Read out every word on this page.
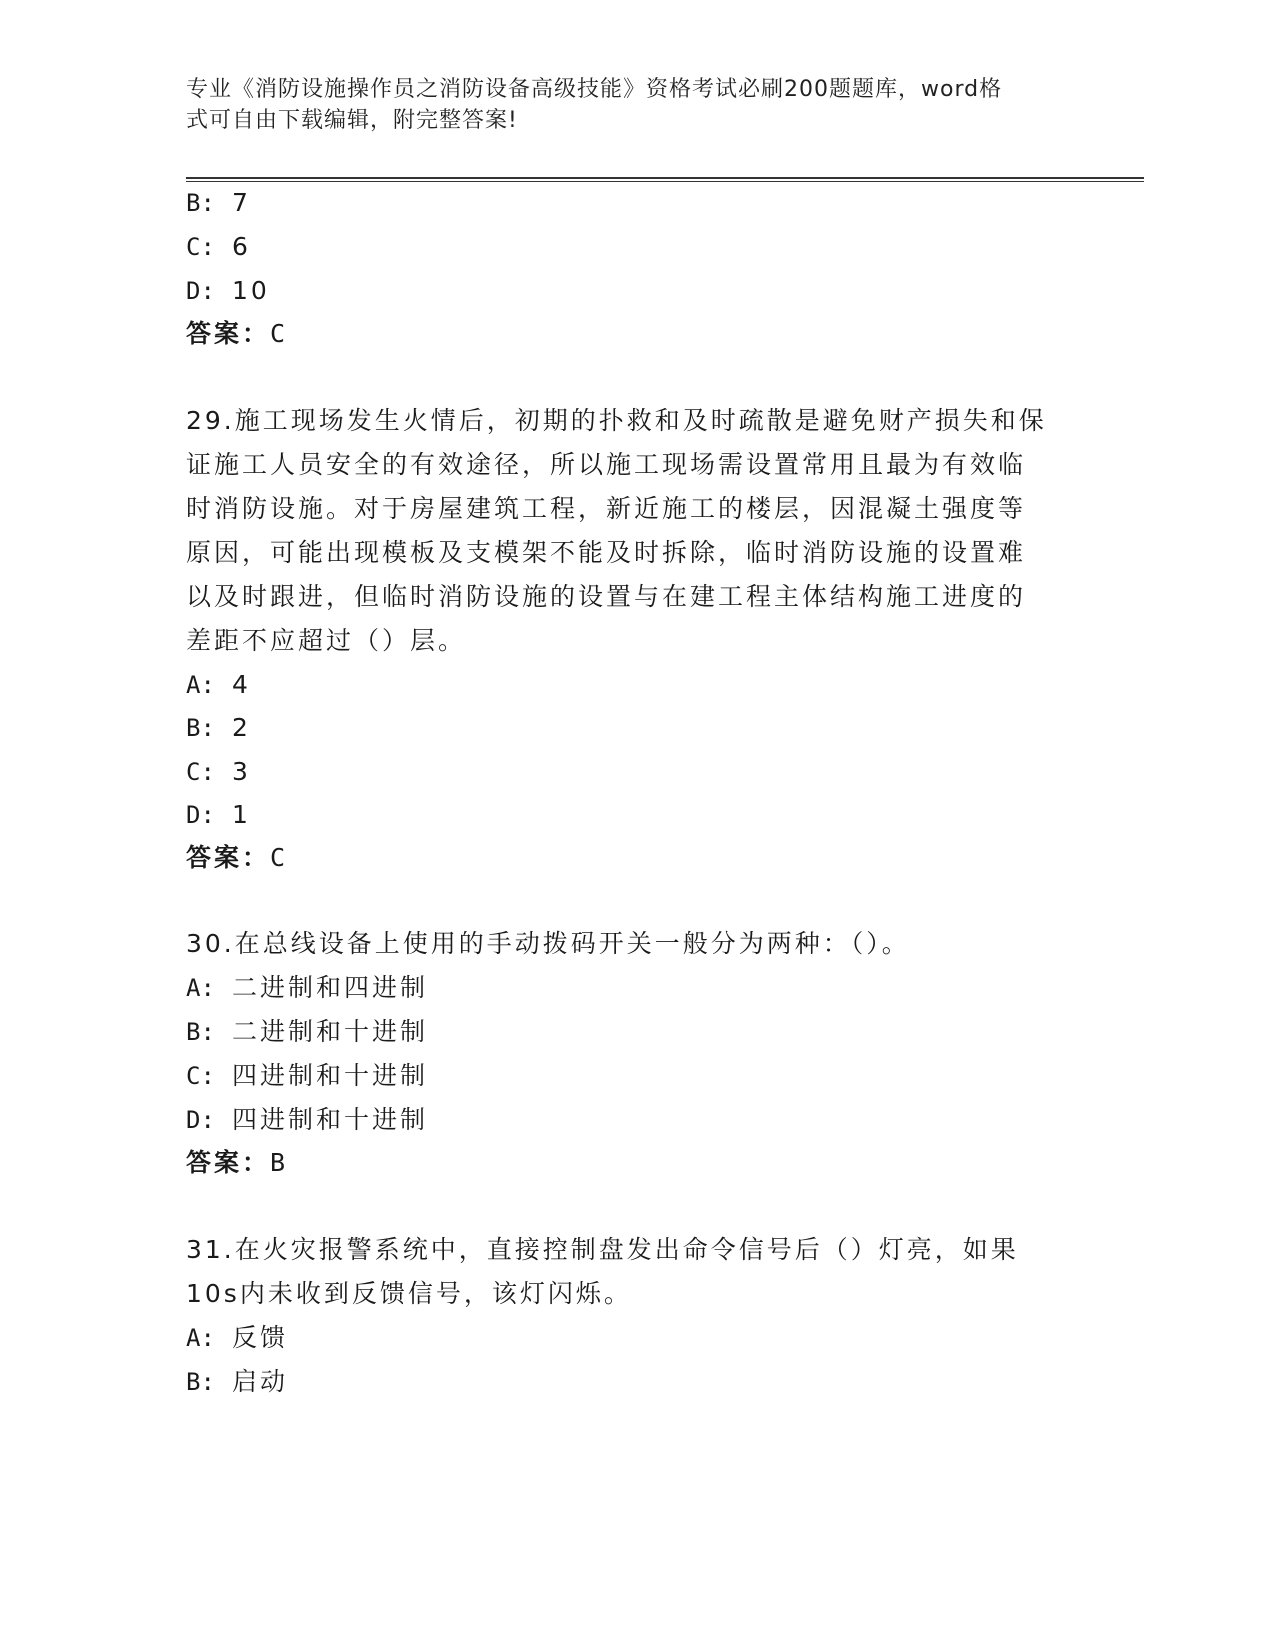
专业《消防设施操作员之消防设备高级技能》资格考试必刷200题题库，word格
式可自由下载编辑，附完整答案!
B: 7
C: 6
D: 10
答案：C
29.施工现场发生火情后，初期的扑救和及时疏散是避免财产损失和保
证施工人员安全的有效途径，所以施工现场需设置常用且最为有效临
时消防设施。对于房屋建筑工程，新近施工的楼层，因混凝土强度等
原因，可能出现模板及支模架不能及时拆除，临时消防设施的设置难
以及时跟进，但临时消防设施的设置与在建工程主体结构施工进度的
差距不应超过（）层。
A: 4
B: 2
C: 3
D: 1
答案：C
30.在总线设备上使用的手动拨码开关一般分为两种：（）。
A: 二进制和四进制
B: 二进制和十进制
C: 四进制和十进制
D: 四进制和十进制
答案：B
31.在火灾报警系统中，直接控制盘发出命令信号后（）灯亮，如果
10s内未收到反馈信号，该灯闪烁。
A: 反馈
B: 启动
